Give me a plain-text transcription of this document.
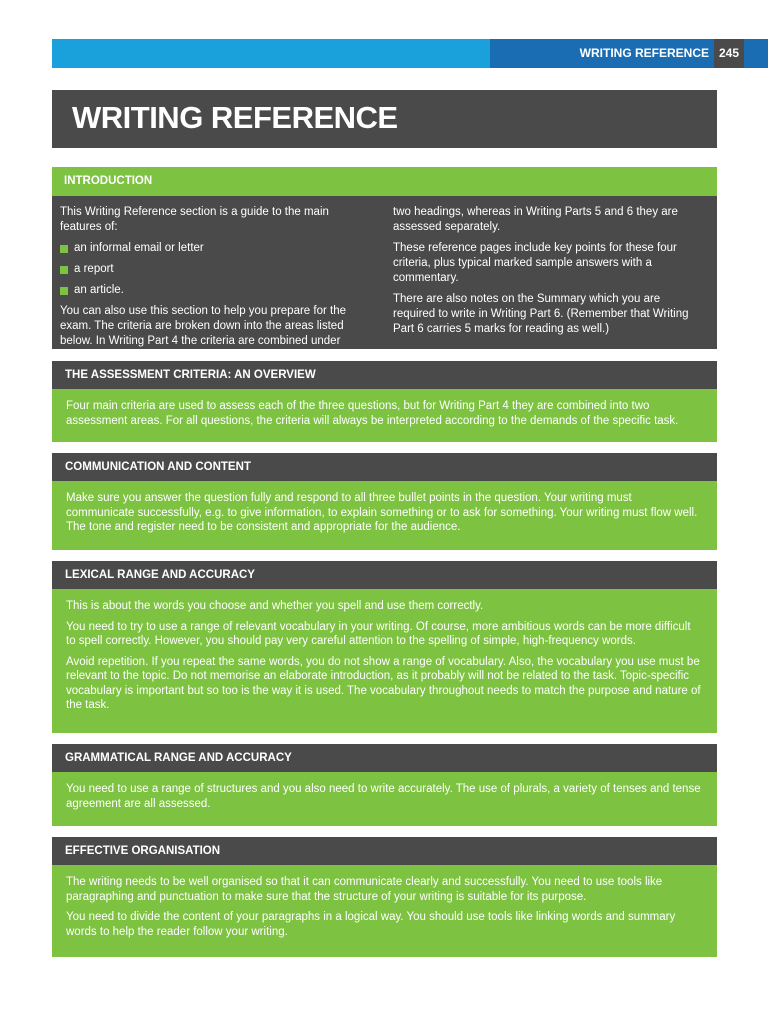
WRITING REFERENCE 245
WRITING REFERENCE
INTRODUCTION

This Writing Reference section is a guide to the main features of:

an informal email or letter
a report
an article.

You can also use this section to help you prepare for the exam. The criteria are broken down into the areas listed below. In Writing Part 4 the criteria are combined under

two headings, whereas in Writing Parts 5 and 6 they are assessed separately.

These reference pages include key points for these four criteria, plus typical marked sample answers with a commentary.

There are also notes on the Summary which you are required to write in Writing Part 6. (Remember that Writing Part 6 carries 5 marks for reading as well.)

THE ASSESSMENT CRITERIA: AN OVERVIEW

Four main criteria are used to assess each of the three questions, but for Writing Part 4 they are combined into two assessment areas. For all questions, the criteria will always be interpreted according to the demands of the specific task.

COMMUNICATION AND CONTENT

Make sure you answer the question fully and respond to all three bullet points in the question. Your writing must communicate successfully, e.g. to give information, to explain something or to ask for something. Your writing must flow well. The tone and register need to be consistent and appropriate for the audience.

LEXICAL RANGE AND ACCURACY

This is about the words you choose and whether you spell and use them correctly.

You need to try to use a range of relevant vocabulary in your writing. Of course, more ambitious words can be more difficult to spell correctly. However, you should pay very careful attention to the spelling of simple, high-frequency words.

Avoid repetition. If you repeat the same words, you do not show a range of vocabulary. Also, the vocabulary you use must be relevant to the topic. Do not memorise an elaborate introduction, as it probably will not be related to the task. Topic-specific vocabulary is important but so too is the way it is used. The vocabulary throughout needs to match the purpose and nature of the task.

GRAMMATICAL RANGE AND ACCURACY

You need to use a range of structures and you also need to write accurately. The use of plurals, a variety of tenses and tense agreement are all assessed.

EFFECTIVE ORGANISATION

The writing needs to be well organised so that it can communicate clearly and successfully. You need to use tools like paragraphing and punctuation to make sure that the structure of your writing is suitable for its purpose.

You need to divide the content of your paragraphs in a logical way. You should use tools like linking words and summary words to help the reader follow your writing.
